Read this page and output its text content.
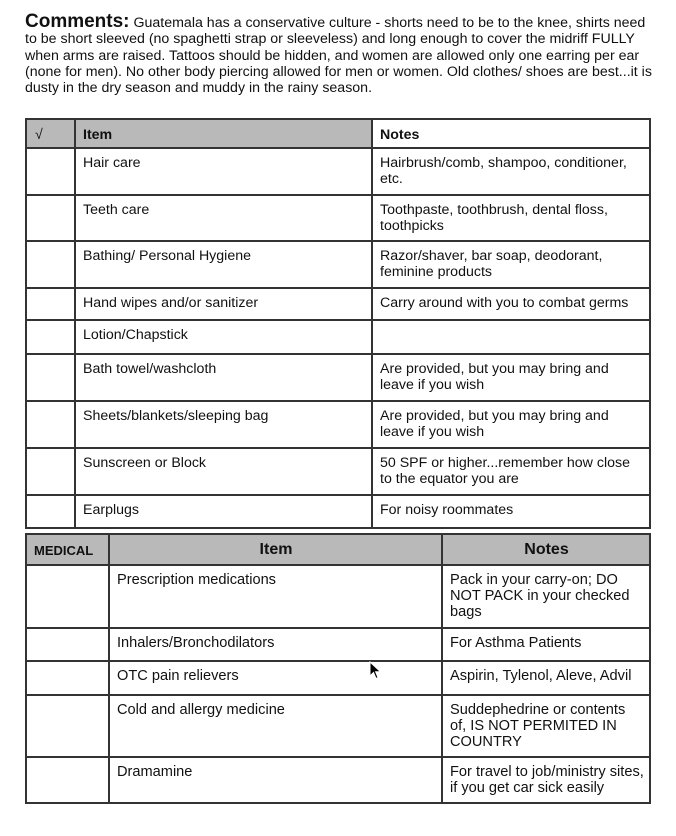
Comments: Guatemala has a conservative culture - shorts need to be to the knee, shirts need to be short sleeved (no spaghetti strap or sleeveless) and long enough to cover the midriff FULLY when arms are raised. Tattoos should be hidden, and women are allowed only one earring per ear (none for men). No other body piercing allowed for men or women. Old clothes/ shoes are best...it is dusty in the dry season and muddy in the rainy season.
√	Item	Notes

	Hair care	Hairbrush/comb, shampoo, conditioner, etc.

	Teeth care	Toothpaste, toothbrush, dental floss, toothpicks

	Bathing/ Personal Hygiene	Razor/shaver, bar soap, deodorant, feminine products

	Hand wipes and/or sanitizer	Carry around with you to combat germs

	Lotion/Chapstick	

	Bath towel/washcloth	Are provided, but you may bring and leave if you wish

	Sheets/blankets/sleeping bag	Are provided, but you may bring and leave if you wish

	Sunscreen or Block	50 SPF or higher...remember how close to the equator you are

	Earplugs	For noisy roommates
MEDICAL	Item	Notes

	Prescription medications	Pack in your carry-on; DO NOT PACK in your checked bags

	Inhalers/Bronchodilators	For Asthma Patients

	OTC pain relievers	Aspirin, Tylenol, Aleve, Advil

	Cold and allergy medicine	Suddephedrine or contents of, IS NOT PERMITED IN COUNTRY

	Dramamine	For travel to job/ministry sites, if you get car sick easily
